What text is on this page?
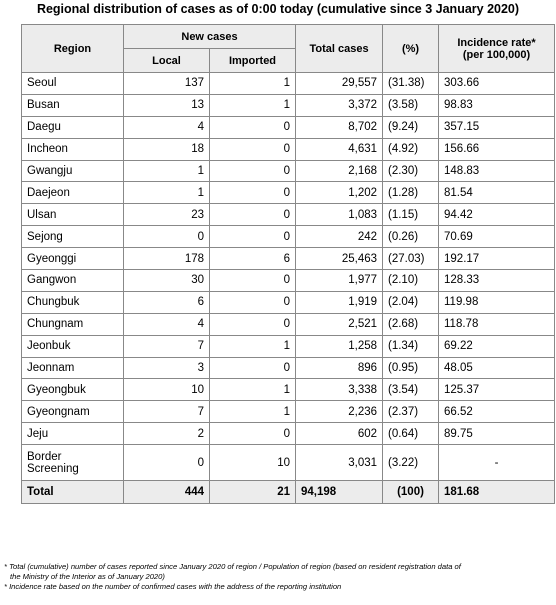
Regional distribution of cases as of 0:00 today (cumulative since 3 January 2020)
Region	New cases		Total cases	(%)	Incidence rate*
(per 100,000)

	Local	Imported			
Seoul	137	1	29,557	(31.38)	303.66
Busan	13	1	3,372	(3.58)	98.83
Daegu	4	0	8,702	(9.24)	357.15
Incheon	18	0	4,631	(4.92)	156.66
Gwangju	1	0	2,168	(2.30)	148.83
Daejeon	1	0	1,202	(1.28)	81.54
Ulsan	23	0	1,083	(1.15)	94.42
Sejong	0	0	242	(0.26)	70.69
Gyeonggi	178	6	25,463	(27.03)	192.17
Gangwon	30	0	1,977	(2.10)	128.33
Chungbuk	6	0	1,919	(2.04)	119.98
Chungnam	4	0	2,521	(2.68)	118.78
Jeonbuk	7	1	1,258	(1.34)	69.22
Jeonnam	3	0	896	(0.95)	48.05
Gyeongbuk	10	1	3,338	(3.54)	125.37
Gyeongnam	7	1	2,236	(2.37)	66.52
Jeju	2	0	602	(0.64)	89.75

Border
Screening	0	10	3,031	(3.22)	-
Total	444	21	94,198	(100)	181.68
* Total (cumulative) number of cases reported since January 2020 of region / Population of region (based on resident registration data of
the Ministry of the Interior as of January 2020)
* Incidence rate based on the number of confirmed cases with the address of the reporting institution
